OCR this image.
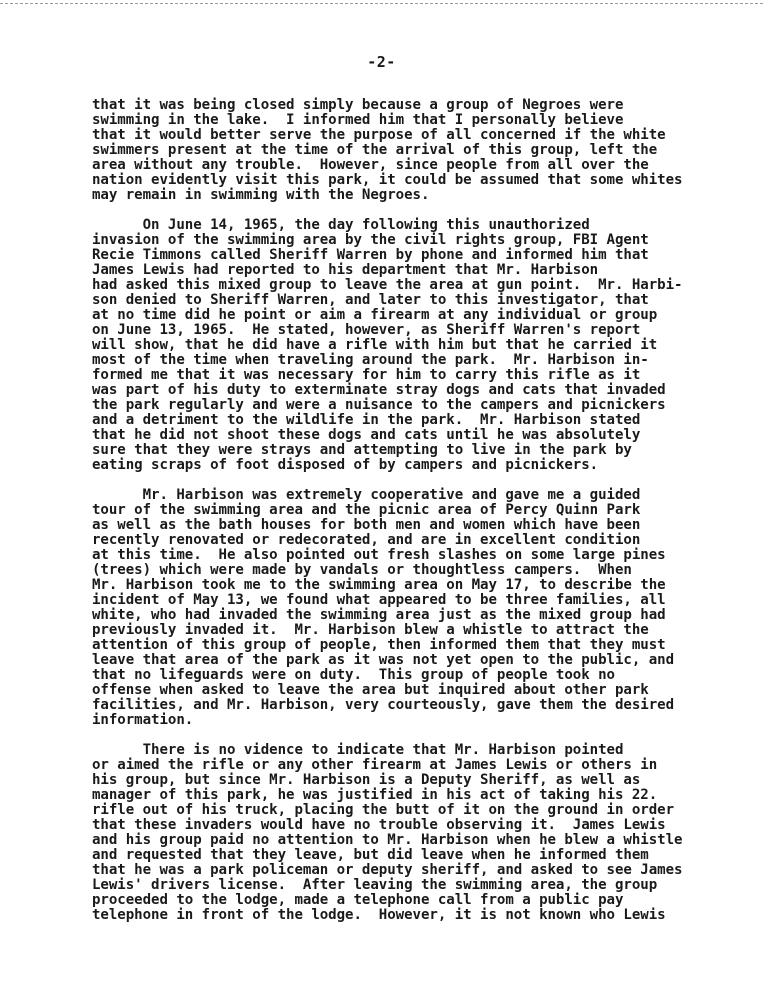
-2-

that it was being closed simply because a group of Negroes were
swimming in the lake.  I informed him that I personally believe
that it would better serve the purpose of all concerned if the white
swimmers present at the time of the arrival of this group, left the
area without any trouble.  However, since people from all over the
nation evidently visit this park, it could be assumed that some whites
may remain in swimming with the Negroes.

On June 14, 1965, the day following this unauthorized
invasion of the swimming area by the civil rights group, FBI Agent
Recie Timmons called Sheriff Warren by phone and informed him that
James Lewis had reported to his department that Mr. Harbison
had asked this mixed group to leave the area at gun point.  Mr. Harbi-
son denied to Sheriff Warren, and later to this investigator, that
at no time did he point or aim a firearm at any individual or group
on June 13, 1965.  He stated, however, as Sheriff Warren's report
will show, that he did have a rifle with him but that he carried it
most of the time when traveling around the park.  Mr. Harbison in-
formed me that it was necessary for him to carry this rifle as it
was part of his duty to exterminate stray dogs and cats that invaded
the park regularly and were a nuisance to the campers and picnickers
and a detriment to the wildlife in the park.  Mr. Harbison stated
that he did not shoot these dogs and cats until he was absolutely
sure that they were strays and attempting to live in the park by
eating scraps of foot disposed of by campers and picnickers.

Mr. Harbison was extremely cooperative and gave me a guided
tour of the swimming area and the picnic area of Percy Quinn Park
as well as the bath houses for both men and women which have been
recently renovated or redecorated, and are in excellent condition
at this time.  He also pointed out fresh slashes on some large pines
(trees) which were made by vandals or thoughtless campers.  When
Mr. Harbison took me to the swimming area on May 17, to describe the
incident of May 13, we found what appeared to be three families, all
white, who had invaded the swimming area just as the mixed group had
previously invaded it.  Mr. Harbison blew a whistle to attract the
attention of this group of people, then informed them that they must
leave that area of the park as it was not yet open to the public, and
that no lifeguards were on duty.  This group of people took no
offense when asked to leave the area but inquired about other park
facilities, and Mr. Harbison, very courteously, gave them the desired
information.

There is no vidence to indicate that Mr. Harbison pointed
or aimed the rifle or any other firearm at James Lewis or others in
his group, but since Mr. Harbison is a Deputy Sheriff, as well as
manager of this park, he was justified in his act of taking his 22.
rifle out of his truck, placing the butt of it on the ground in order
that these invaders would have no trouble observing it.  James Lewis
and his group paid no attention to Mr. Harbison when he blew a whistle
and requested that they leave, but did leave when he informed them
that he was a park policeman or deputy sheriff, and asked to see James
Lewis' drivers license.  After leaving the swimming area, the group
proceeded to the lodge, made a telephone call from a public pay
telephone in front of the lodge.  However, it is not known who Lewis
